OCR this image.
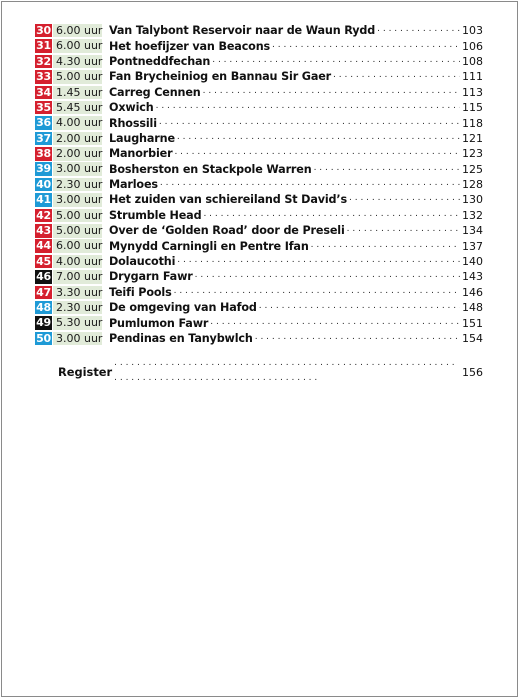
30 6.00 uur Van Talybont Reservoir naar de Waun Rydd . . .	103
31 6.00 uur Het hoefijzer van Beacons . . .	106
32 4.30 uur Pontneddfechan . . .	108
33 5.00 uur Fan Brycheiniog en Bannau Sir Gaer . . .	111
34 1.45 uur Carreg Cennen . . .	113
35 5.45 uur Oxwich . . .	115
36 4.00 uur Rhossili . . .	118
37 2.00 uur Laugharne . . .	121
38 2.00 uur Manorbier . . .	123
39 3.00 uur Bosherston en Stackpole Warren . . .	125
40 2.30 uur Marloes . . .	128
41 3.00 uur Het zuiden van schiereiland St David’s . . .	130
42 5.00 uur Strumble Head . . .	132
43 5.00 uur Over de ‘Golden Road’ door de Preseli . . .	134
44 6.00 uur Mynydd Carningli en Pentre Ifan . . .	137
45 4.00 uur Dolaucothi . . .	140
46 7.00 uur Drygarn Fawr . . .	143
47 3.30 uur Teifi Pools . . .	146
48 2.30 uur De omgeving van Hafod . . .	148
49 5.30 uur Pumlumon Fawr . . .	151
50 3.00 uur Pendinas en Tanybwlch . . .	154
Register . . .	156
